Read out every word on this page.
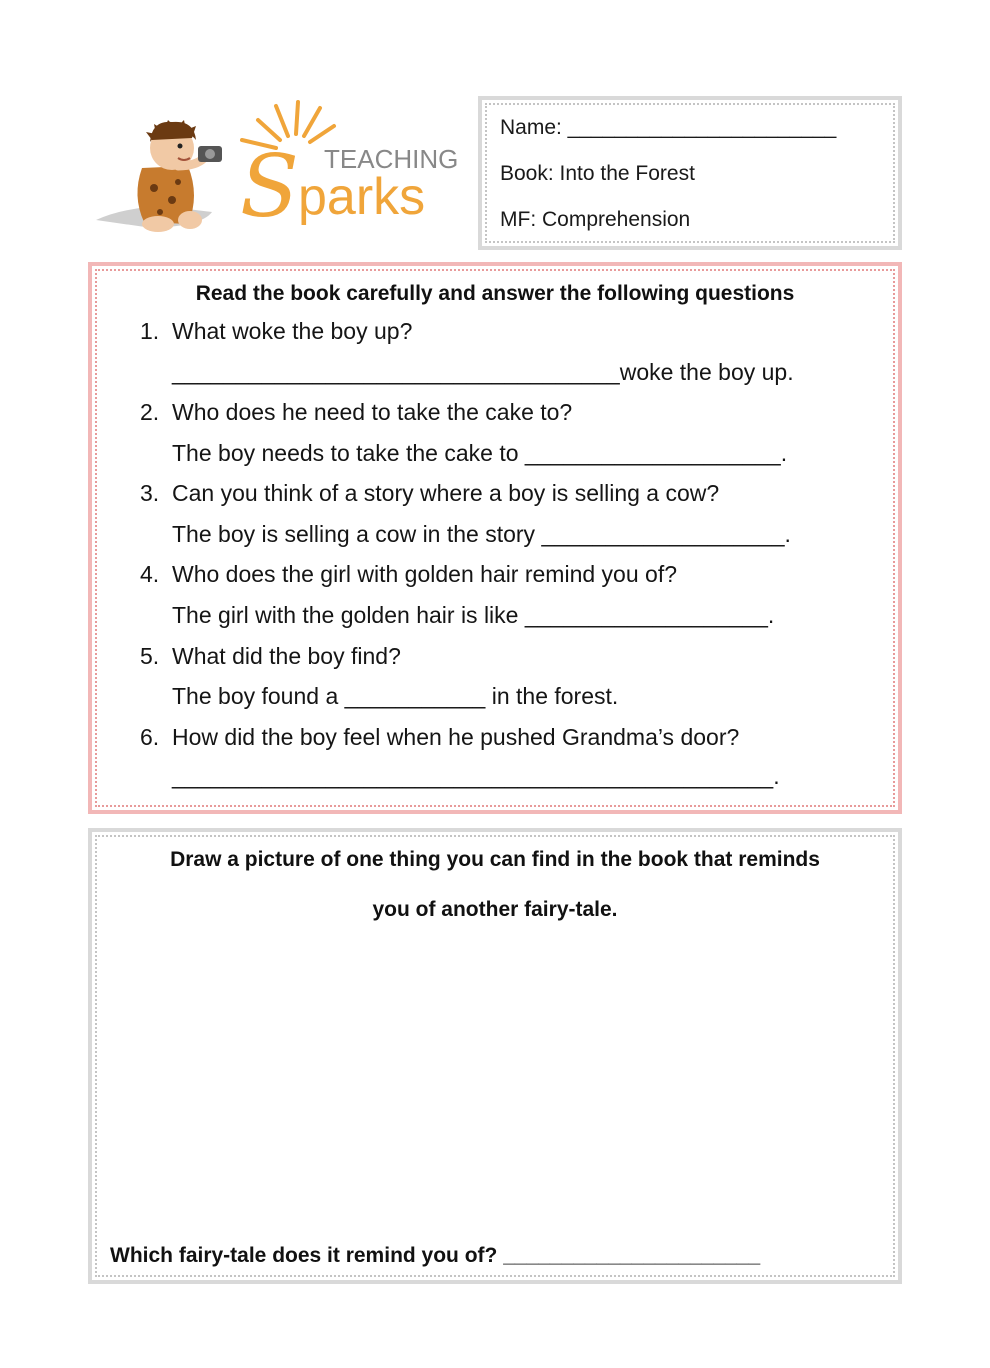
S TEACHING
parks
Name: _______________________
Book: Into the Forest
MF: Comprehension
Read the book carefully and answer the following questions
1. What woke the boy up?
___________________________________woke the boy up.
2. Who does he need to take the cake to?
The boy needs to take the cake to ____________________.
3. Can you think of a story where a boy is selling a cow?
The boy is selling a cow in the story ___________________.
4. Who does the girl with golden hair remind you of?
The girl with the golden hair is like ___________________.
5. What did the boy find?
The boy found a ___________ in the forest.
6. How did the boy feel when he pushed Grandma’s door?
_______________________________________________.
Draw a picture of one thing you can find in the book that reminds
you of another fairy-tale.
Which fairy-tale does it remind you of? ______________________
